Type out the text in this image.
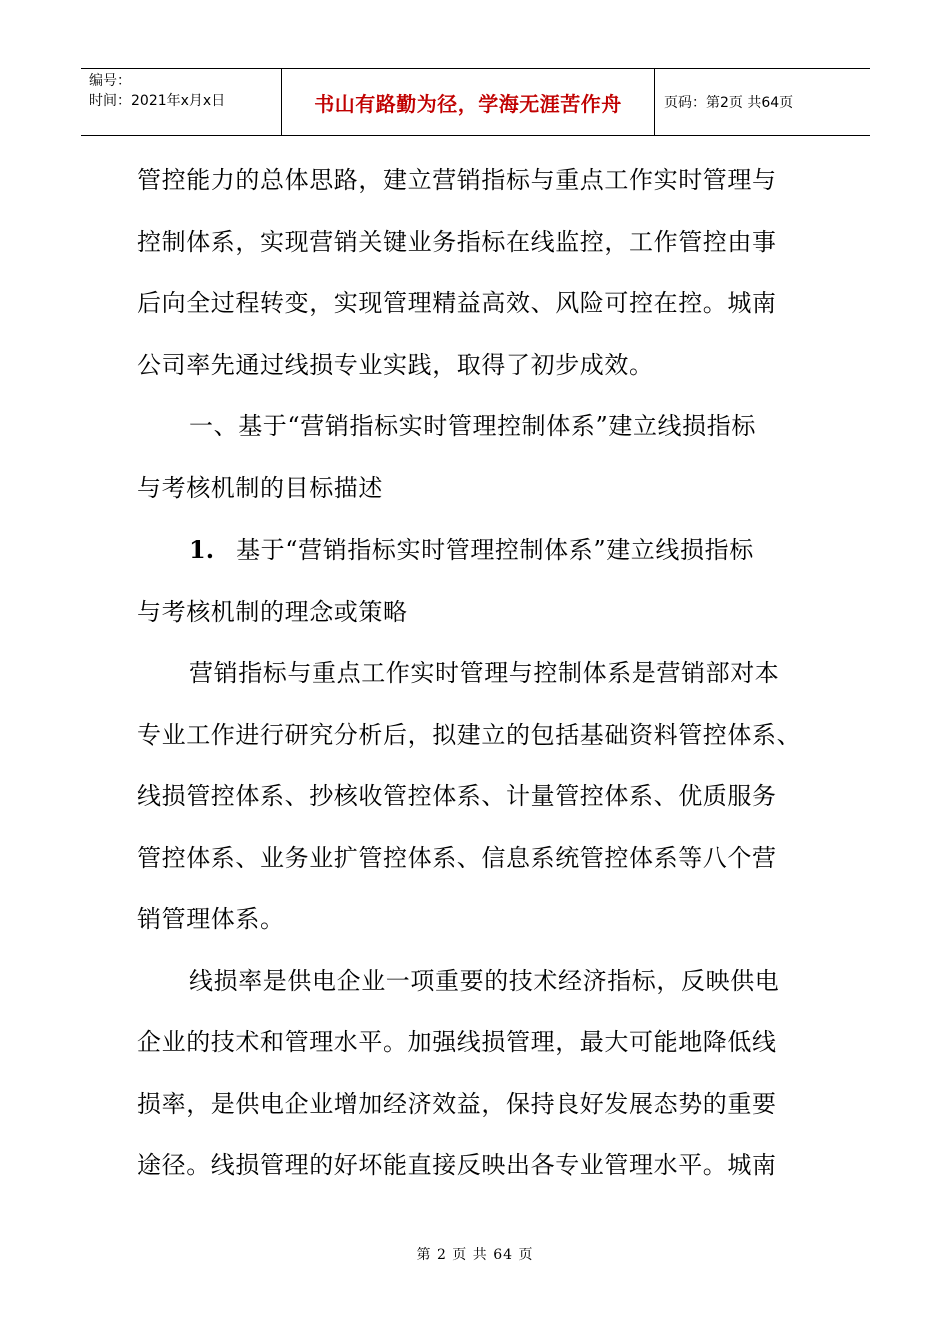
编号：
时间：2021年x月x日	书山有路勤为径，学海无涯苦作舟	页码：第2页 共64页

管控能力的总体思路，建立营销指标与重点工作实时管理与

控制体系，实现营销关键业务指标在线监控，工作管控由事

后向全过程转变，实现管理精益高效、风险可控在控。城南

公司率先通过线损专业实践，取得了初步成效。

一、基于“营销指标实时管理控制体系”建立线损指标

与考核机制的目标描述

1. 基于“营销指标实时管理控制体系”建立线损指标

与考核机制的理念或策略

营销指标与重点工作实时管理与控制体系是营销部对本

专业工作进行研究分析后，拟建立的包括基础资料管控体系、

线损管控体系、抄核收管控体系、计量管控体系、优质服务

管控体系、业务业扩管控体系、信息系统管控体系等八个营

销管理体系。

线损率是供电企业一项重要的技术经济指标，反映供电

企业的技术和管理水平。加强线损管理，最大可能地降低线

损率，是供电企业增加经济效益，保持良好发展态势的重要

途径。线损管理的好坏能直接反映出各专业管理水平。城南

第 2 页 共 64 页
